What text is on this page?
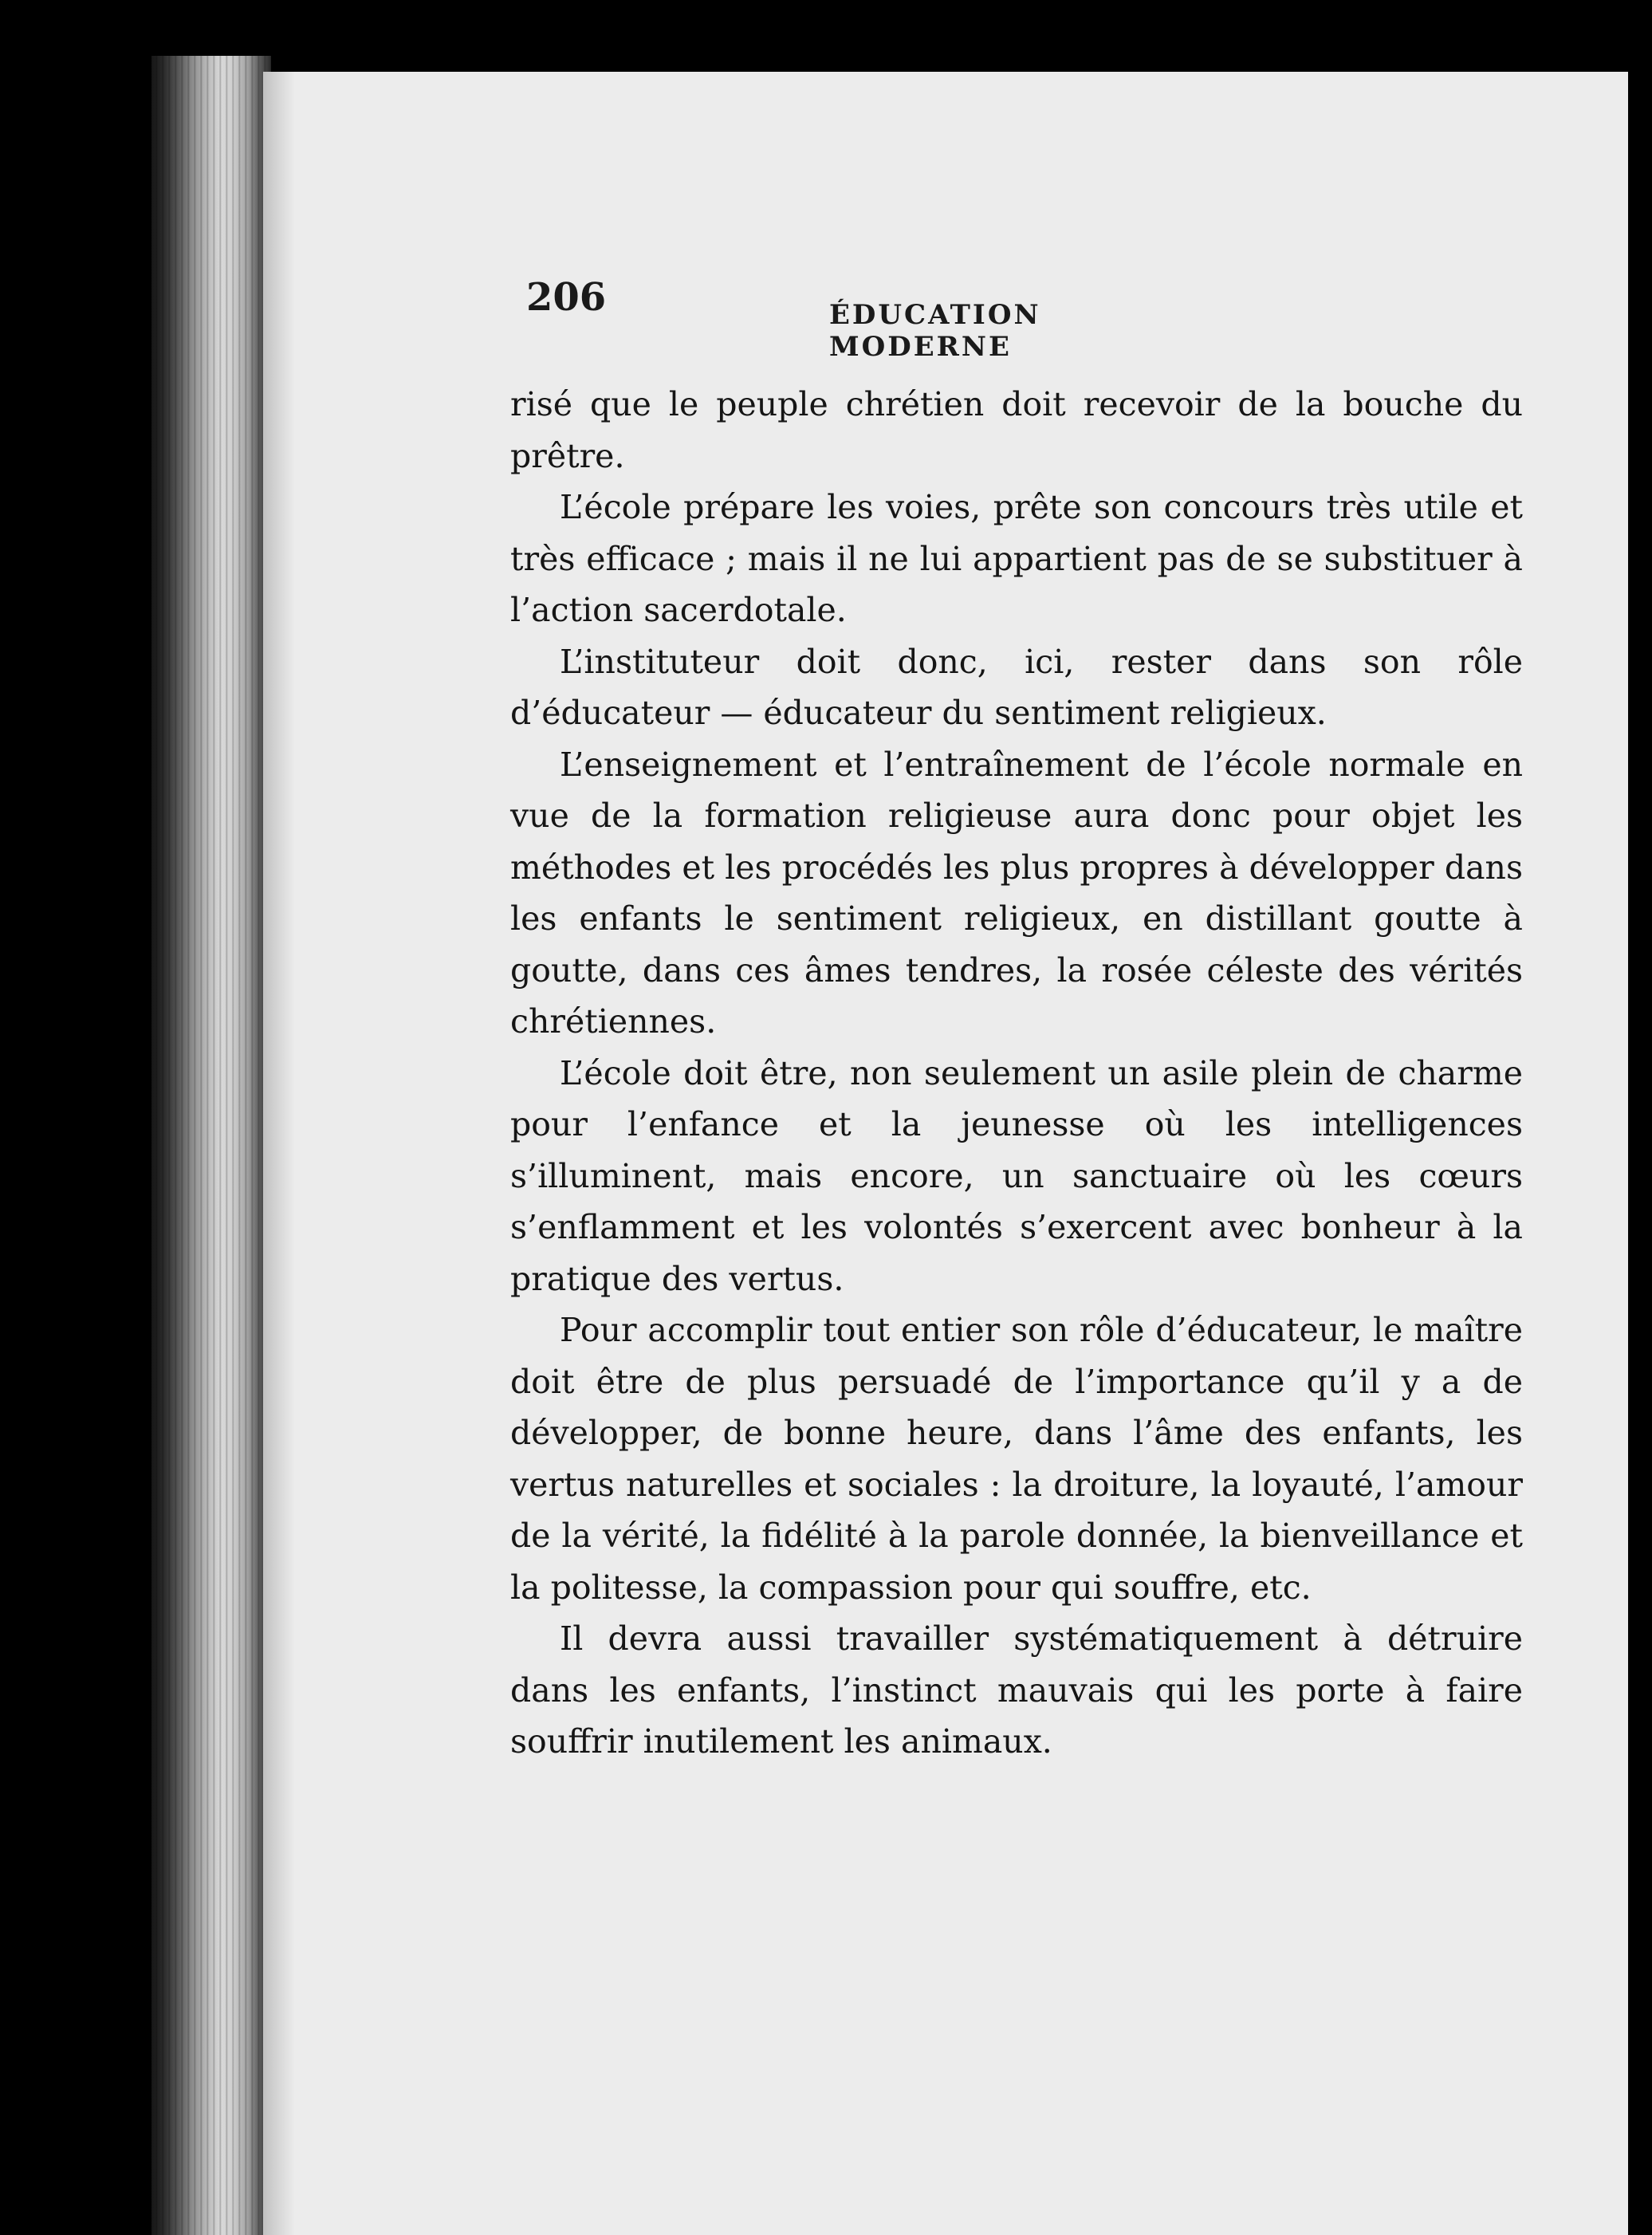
206	ÉDUCATION MODERNE

risé que le peuple chrétien doit recevoir de la bouche du prêtre.

L’école prépare les voies, prête son concours très utile et très efficace ; mais il ne lui appartient pas de se substituer à l’action sacerdotale.

L’instituteur doit donc, ici, rester dans son rôle d’éducateur — éducateur du sentiment religieux.

L’enseignement et l’entraînement de l’école normale en vue de la formation religieuse aura donc pour objet les méthodes et les procédés les plus propres à développer dans les enfants le sentiment religieux, en distillant goutte à goutte, dans ces âmes tendres, la rosée céleste des vérités chrétiennes.

L’école doit être, non seulement un asile plein de charme pour l’enfance et la jeunesse où les intelligences s’illuminent, mais encore, un sanctuaire où les cœurs s’enflamment et les volontés s’exercent avec bonheur à la pratique des vertus.

Pour accomplir tout entier son rôle d’éducateur, le maître doit être de plus persuadé de l’importance qu’il y a de développer, de bonne heure, dans l’âme des enfants, les vertus naturelles et sociales : la droiture, la loyauté, l’amour de la vérité, la fidélité à la parole donnée, la bienveillance et la politesse, la compassion pour qui souffre, etc.

Il devra aussi travailler systématiquement à détruire dans les enfants, l’instinct mauvais qui les porte à faire souffrir inutilement les animaux.
